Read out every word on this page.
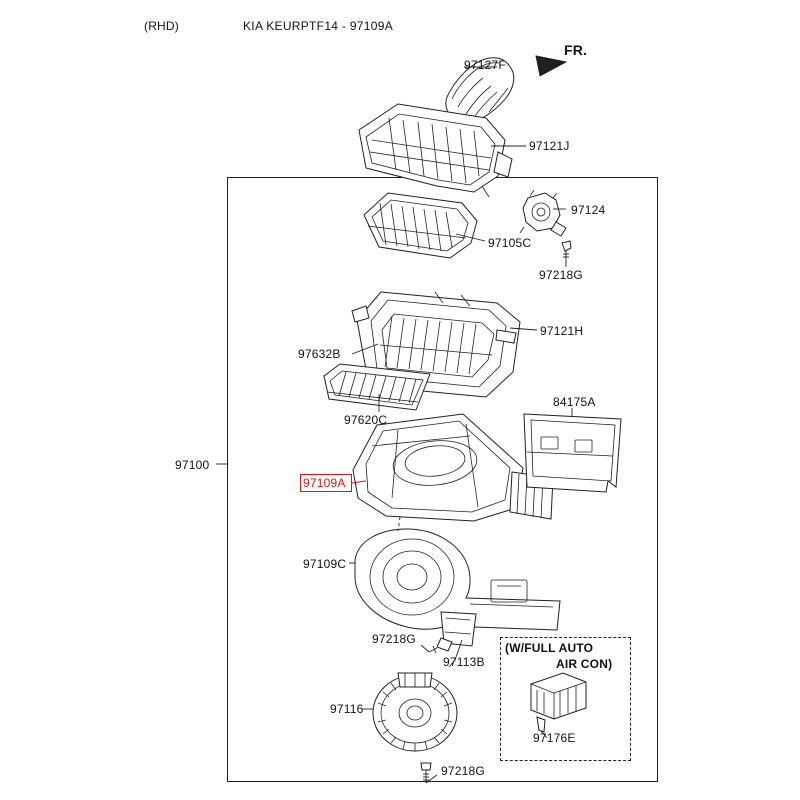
(RHD)	KIA KEURPTF14 - 97109A
FR.
97127F
97121J
97124
97105C
97218G
97121H
97632B
97620C
84175A
97100
97109A
97109C
97218G
97113B
97116
97176E
97218G
(W/FULL AUTO
AIR CON)
